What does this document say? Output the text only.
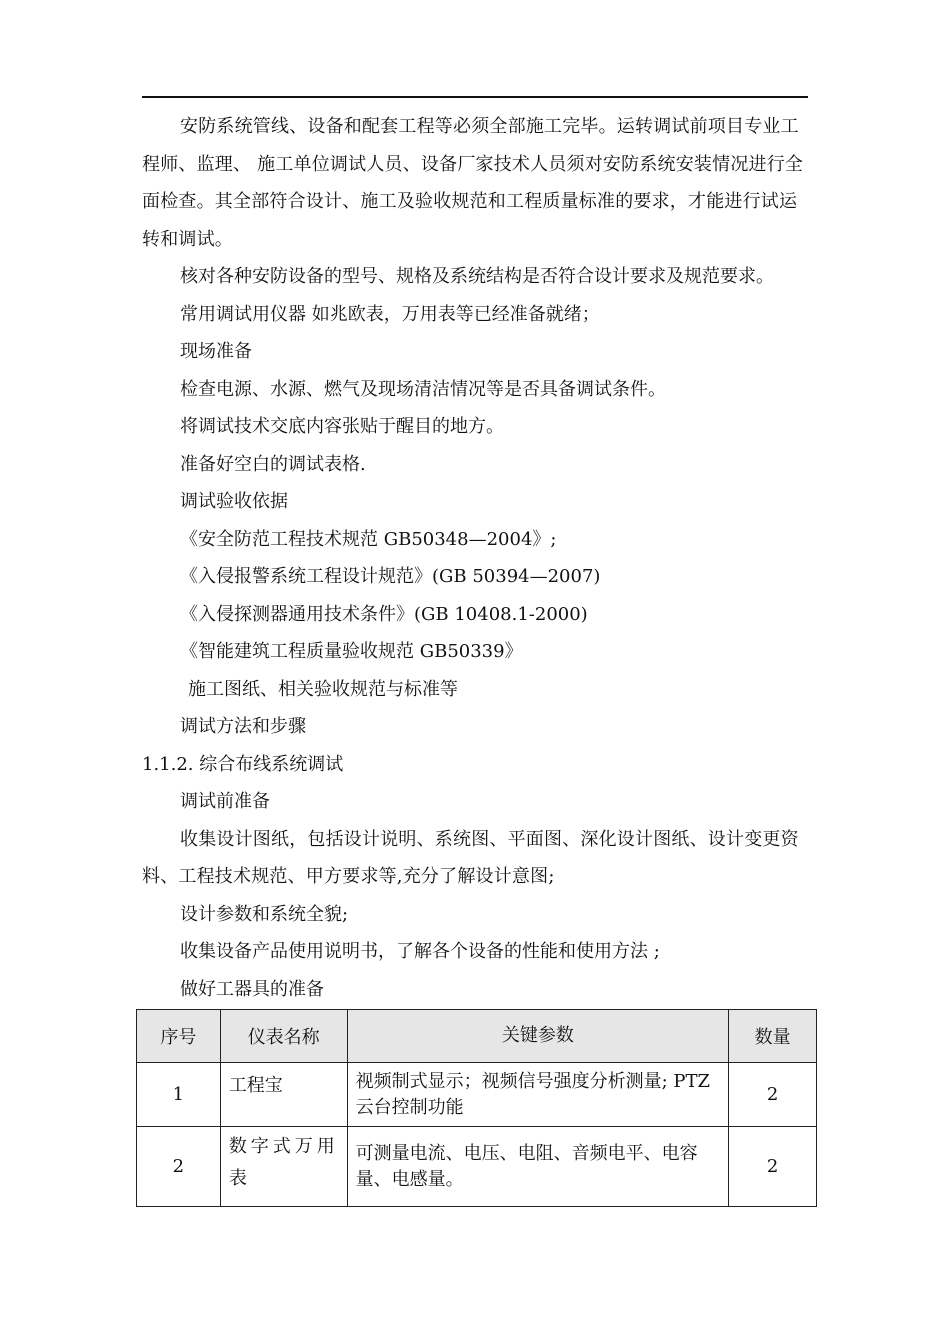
安防系统管线、设备和配套工程等必须全部施工完毕。运转调试前项目专业工程师、监理、 施工单位调试人员、设备厂家技术人员须对安防系统安装情况进行全面检查。其全部符合设计、施工及验收规范和工程质量标准的要求，才能进行试运转和调试。

核对各种安防设备的型号、规格及系统结构是否符合设计要求及规范要求。
常用调试用仪器 如兆欧表，万用表等已经准备就绪；
现场准备
检查电源、水源、燃气及现场清洁情况等是否具备调试条件。
将调试技术交底内容张贴于醒目的地方。
准备好空白的调试表格.
调试验收依据
《安全防范工程技术规范 GB50348—2004》;
《入侵报警系统工程设计规范》(GB 50394—2007)
《入侵探测器通用技术条件》(GB 10408.1-2000)
《智能建筑工程质量验收规范 GB50339》
施工图纸、相关验收规范与标准等
调试方法和步骤
1.1.2. 综合布线系统调试
调试前准备

收集设计图纸，包括设计说明、系统图、平面图、深化设计图纸、设计变更资料、工程技术规范、甲方要求等,充分了解设计意图;

设计参数和系统全貌;
收集设备产品使用说明书，了解各个设备的性能和使用方法 ;
做好工器具的准备
序号	仪表名称	关键参数	数量
1	工程宝	视频制式显示；视频信号强度分析测量; PTZ 云台控制功能	2
2	数字式万用表	可测量电流、电压、电阻、音频电平、电容量、电感量。	2
